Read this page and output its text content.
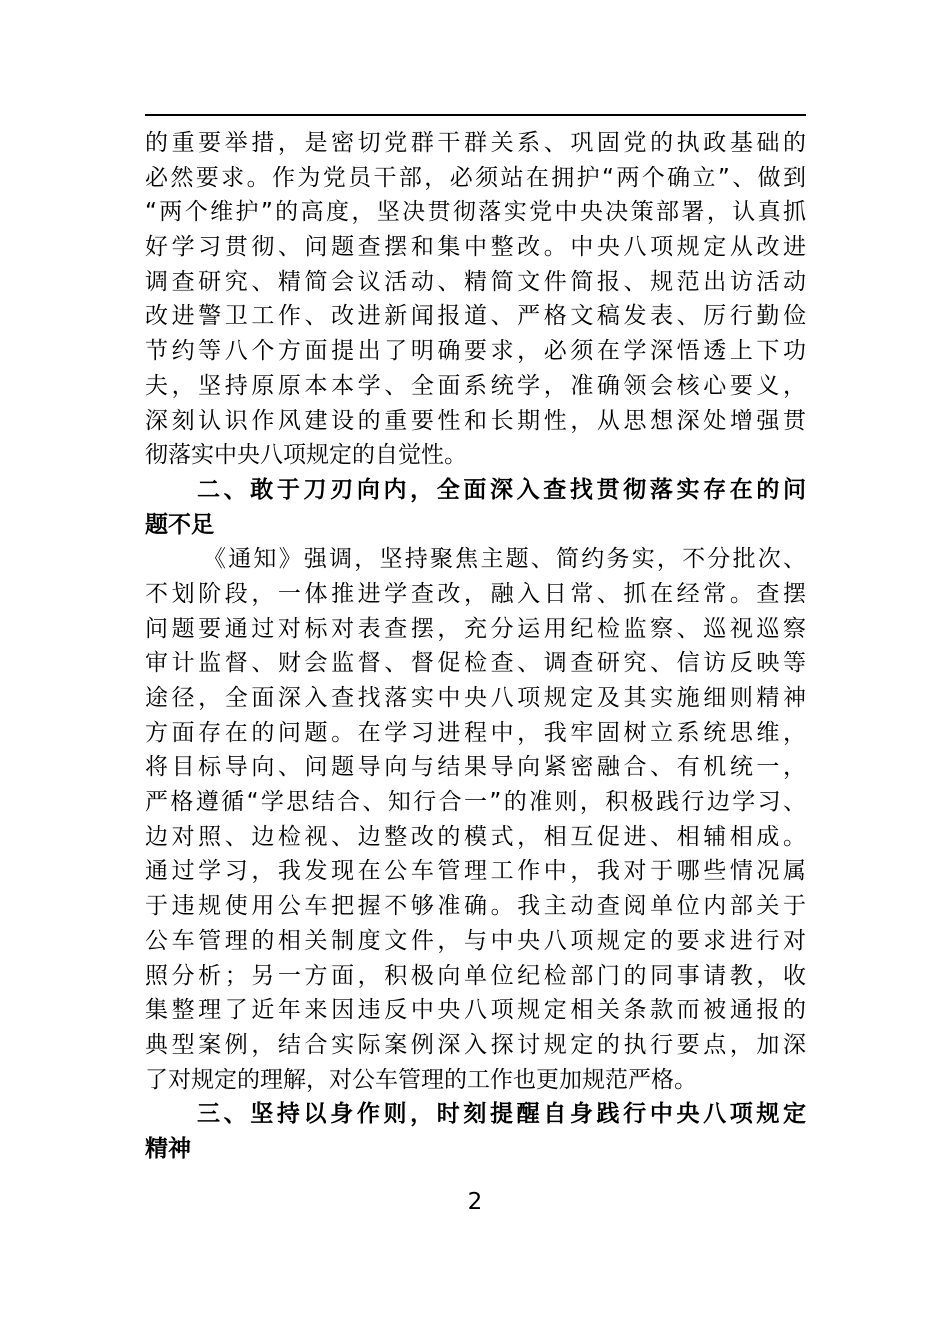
的重要举措，是密切党群干群关系、巩固党的执政基础的
必然要求。作为党员干部，必须站在拥护“两个确立”、做到
“两个维护”的高度，坚决贯彻落实党中央决策部署，认真抓
好学习贯彻、问题查摆和集中整改。中央八项规定从改进
调查研究、精简会议活动、精简文件简报、规范出访活动
改进警卫工作、改进新闻报道、严格文稿发表、厉行勤俭
节约等八个方面提出了明确要求，必须在学深悟透上下功
夫，坚持原原本本学、全面系统学，准确领会核心要义，
深刻认识作风建设的重要性和长期性，从思想深处增强贯
彻落实中央八项规定的自觉性。
二、敢于刀刃向内，全面深入查找贯彻落实存在的问
题不足
《通知》强调，坚持聚焦主题、简约务实，不分批次、
不划阶段，一体推进学查改，融入日常、抓在经常。查摆
问题要通过对标对表查摆，充分运用纪检监察、巡视巡察
审计监督、财会监督、督促检查、调查研究、信访反映等
途径，全面深入查找落实中央八项规定及其实施细则精神
方面存在的问题。在学习进程中，我牢固树立系统思维，
将目标导向、问题导向与结果导向紧密融合、有机统一，
严格遵循“学思结合、知行合一”的准则，积极践行边学习、
边对照、边检视、边整改的模式，相互促进、相辅相成。
通过学习，我发现在公车管理工作中，我对于哪些情况属
于违规使用公车把握不够准确。我主动查阅单位内部关于
公车管理的相关制度文件，与中央八项规定的要求进行对
照分析；另一方面，积极向单位纪检部门的同事请教，收
集整理了近年来因违反中央八项规定相关条款而被通报的
典型案例，结合实际案例深入探讨规定的执行要点，加深
了对规定的理解，对公车管理的工作也更加规范严格。
三、坚持以身作则，时刻提醒自身践行中央八项规定
精神
2
